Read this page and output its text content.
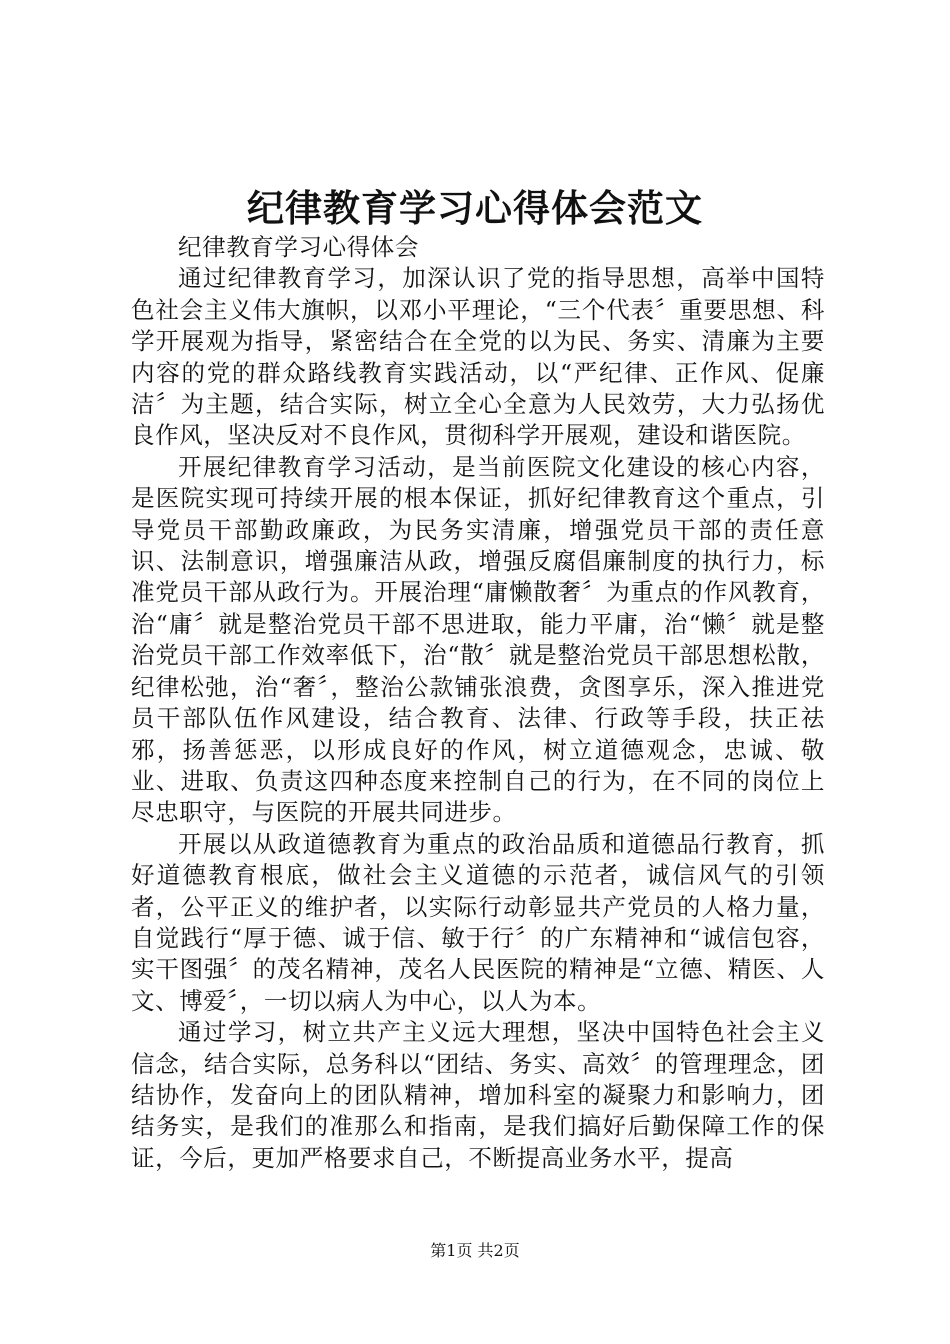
纪律教育学习心得体会范文

纪律教育学习心得体会

通过纪律教育学习，加深认识了党的指导思想，高举中国特色社会主义伟大旗帜，以邓小平理论，“三个代表〞重要思想、科学开展观为指导，紧密结合在全党的以为民、务实、清廉为主要内容的党的群众路线教育实践活动，以“严纪律、正作风、促廉洁〞为主题，结合实际，树立全心全意为人民效劳，大力弘扬优良作风，坚决反对不良作风，贯彻科学开展观，建设和谐医院。

开展纪律教育学习活动，是当前医院文化建设的核心内容，是医院实现可持续开展的根本保证，抓好纪律教育这个重点，引导党员干部勤政廉政，为民务实清廉，增强党员干部的责任意识、法制意识，增强廉洁从政，增强反腐倡廉制度的执行力，标准党员干部从政行为。开展治理“庸懒散奢〞为重点的作风教育，治“庸〞就是整治党员干部不思进取，能力平庸，治“懒〞就是整治党员干部工作效率低下，治“散〞就是整治党员干部思想松散，纪律松弛，治“奢〞，整治公款铺张浪费，贪图享乐，深入推进党员干部队伍作风建设，结合教育、法律、行政等手段，扶正祛邪，扬善惩恶，以形成良好的作风，树立道德观念，忠诚、敬业、进取、负责这四种态度来控制自己的行为，在不同的岗位上尽忠职守，与医院的开展共同进步。

开展以从政道德教育为重点的政治品质和道德品行教育，抓好道德教育根底，做社会主义道德的示范者，诚信风气的引领者，公平正义的维护者，以实际行动彰显共产党员的人格力量，自觉践行“厚于德、诚于信、敏于行〞的广东精神和“诚信包容，实干图强〞的茂名精神，茂名人民医院的精神是“立德、精医、人文、博爱〞，一切以病人为中心，以人为本。

通过学习，树立共产主义远大理想，坚决中国特色社会主义信念，结合实际，总务科以“团结、务实、高效〞的管理理念，团结协作，发奋向上的团队精神，增加科室的凝聚力和影响力，团结务实，是我们的准那么和指南，是我们搞好后勤保障工作的保证，今后，更加严格要求自己，不断提高业务水平，提高

第1页 共2页
